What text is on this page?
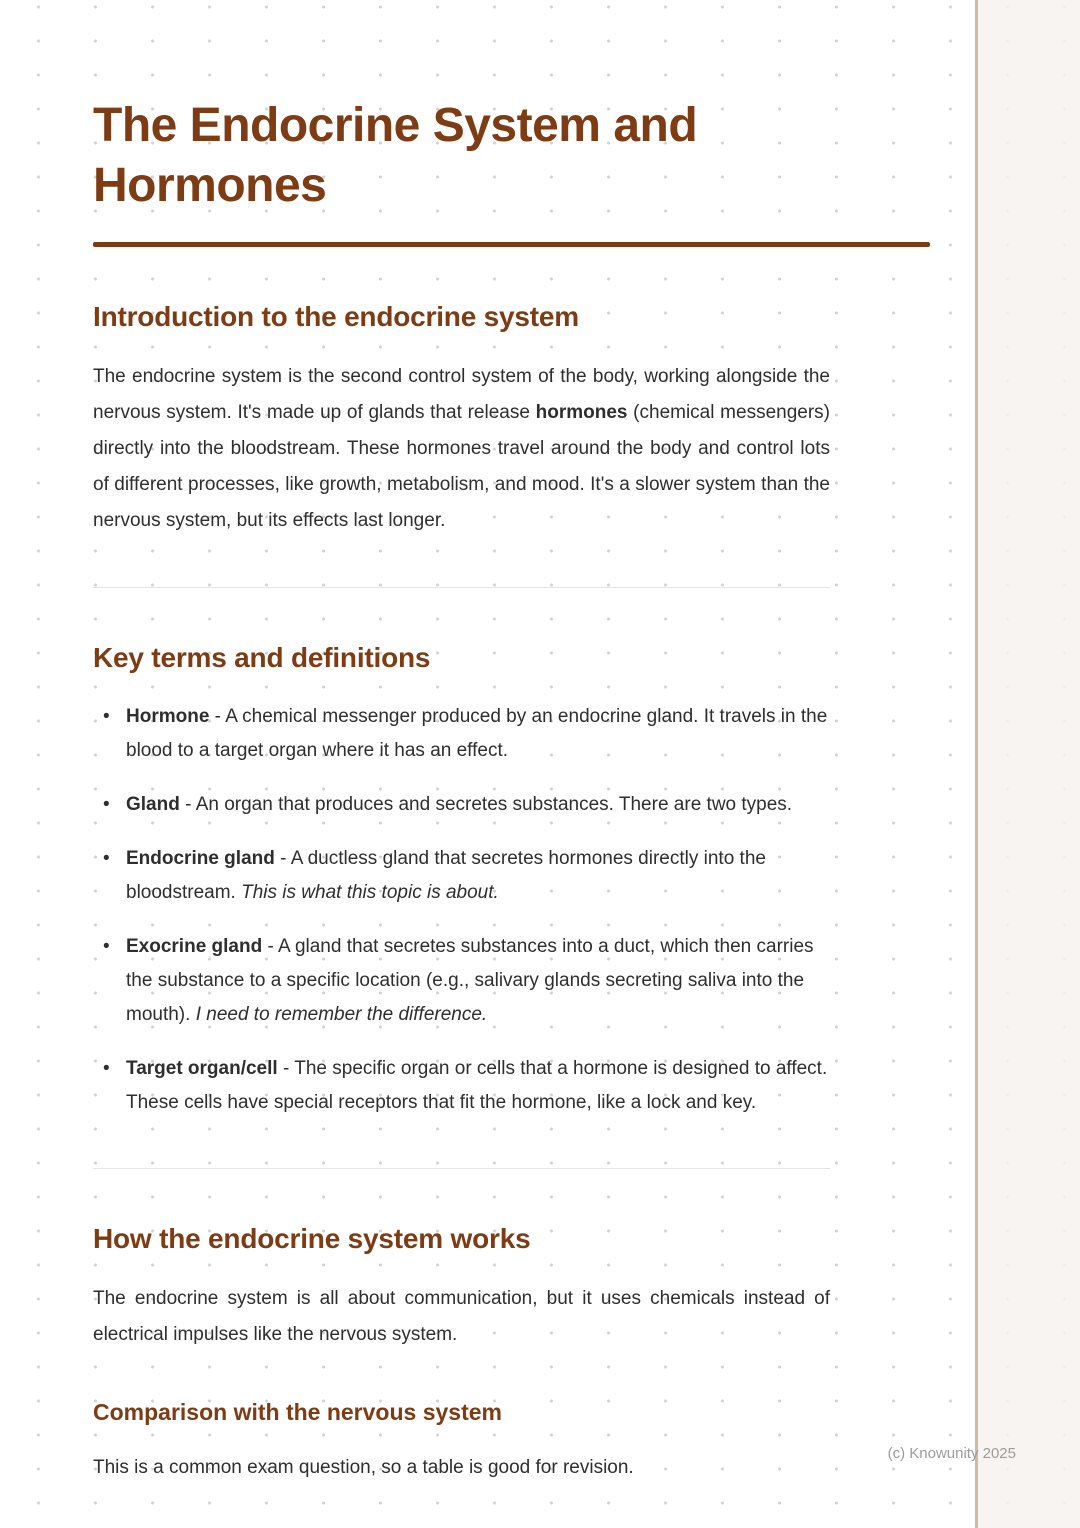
The Endocrine System and Hormones
Introduction to the endocrine system

The endocrine system is the second control system of the body, working alongside the nervous system. It's made up of glands that release hormones (chemical messengers) directly into the bloodstream. These hormones travel around the body and control lots of different processes, like growth, metabolism, and mood. It's a slower system than the nervous system, but its effects last longer.

Key terms and definitions
• Hormone - A chemical messenger produced by an endocrine gland. It travels in the blood to a target organ where it has an effect.
• Gland - An organ that produces and secretes substances. There are two types.
• Endocrine gland - A ductless gland that secretes hormones directly into the bloodstream. This is what this topic is about.
• Exocrine gland - A gland that secretes substances into a duct, which then carries the substance to a specific location (e.g., salivary glands secreting saliva into the mouth). I need to remember the difference.
• Target organ/cell - The specific organ or cells that a hormone is designed to affect. These cells have special receptors that fit the hormone, like a lock and key.
How the endocrine system works

The endocrine system is all about communication, but it uses chemicals instead of electrical impulses like the nervous system.

Comparison with the nervous system

This is a common exam question, so a table is good for revision.

(c) Knowunity 2025
